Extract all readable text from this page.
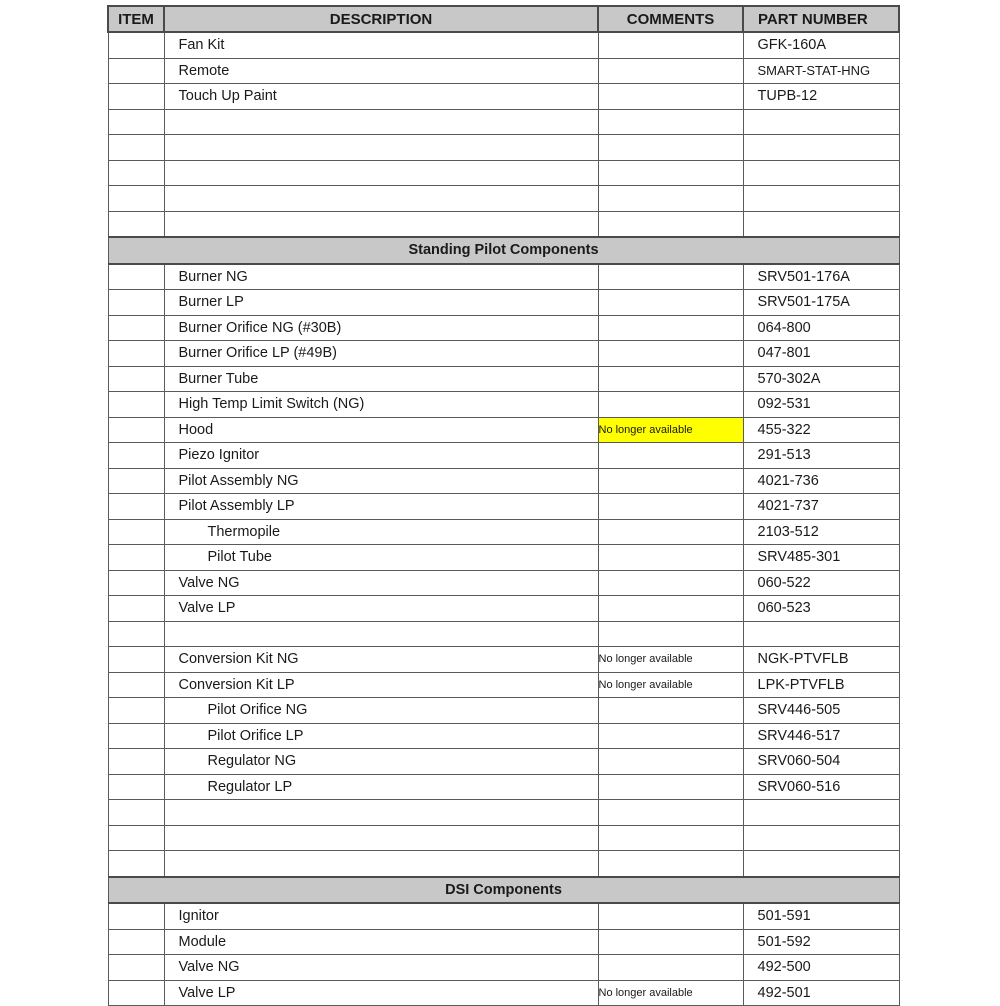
ITEM	DESCRIPTION	COMMENTS	PART NUMBER
	Fan Kit		GFK-160A
	Remote		SMART-STAT-HNG
	Touch Up Paint		TUPB-12

Standing Pilot Components			
	Burner NG		SRV501-176A
	Burner LP		SRV501-175A
	Burner Orifice NG (#30B)		064-800
	Burner Orifice LP (#49B)		047-801
	Burner Tube		570-302A
	High Temp Limit Switch (NG)		092-531
	Hood	No longer available	455-322
	Piezo Ignitor		291-513
	Pilot Assembly NG		4021-736
	Pilot Assembly LP		4021-737
	Thermopile		2103-512
	Pilot Tube		SRV485-301
	Valve NG		060-522
	Valve LP		060-523

	Conversion Kit NG	No longer available	NGK-PTVFLB
	Conversion Kit LP	No longer available	LPK-PTVFLB
	Pilot Orifice NG		SRV446-505
	Pilot Orifice LP		SRV446-517
	Regulator NG		SRV060-504
	Regulator LP		SRV060-516

DSI Components			
	Ignitor		501-591
	Module		501-592
	Valve NG		492-500
	Valve LP	No longer available	492-501
